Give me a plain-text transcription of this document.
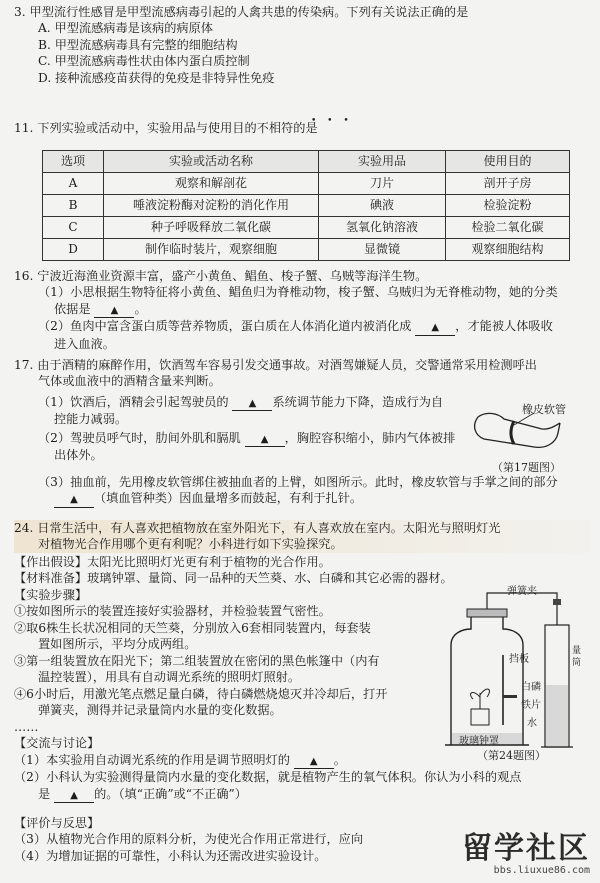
3. 甲型流行性感冒是甲型流感病毒引起的人禽共患的传染病。下列有关说法正确的是
A. 甲型流感病毒是该病的病原体
B. 甲型流感病毒具有完整的细胞结构
C. 甲型流感病毒性状由体内蛋白质控制
D. 接种流感疫苗获得的免疫是非特异性免疫
• • •
11. 下列实验或活动中，实验用品与使用目的不相符的是
选项	实验或活动名称	实验用品	使用目的
A	观察和解剖花	刀片	剖开子房
B	唾液淀粉酶对淀粉的消化作用	碘液	检验淀粉
C	种子呼吸释放二氧化碳	氢氧化钠溶液	检验二氧化碳
D	制作临时装片，观察细胞	显微镜	观察细胞结构
16. 宁波近海渔业资源丰富，盛产小黄鱼、鲳鱼、梭子蟹、乌贼等海洋生物。
（1）小思根据生物特征将小黄鱼、鲳鱼归为脊椎动物，梭子蟹、乌贼归为无脊椎动物，她的分类
依据是 ▲ 。
（2）鱼肉中富含蛋白质等营养物质，蛋白质在人体消化道内被消化成 ▲ ，才能被人体吸收
进入血液。
17. 由于酒精的麻醉作用，饮酒驾车容易引发交通事故。对酒驾嫌疑人员，交警通常采用检测呼出
气体或血液中的酒精含量来判断。
（1）饮酒后，酒精会引起驾驶员的 ▲ 系统调节能力下降，造成行为自
控能力减弱。
（2）驾驶员呼气时，肋间外肌和膈肌 ▲ ，胸腔容积缩小，肺内气体被排
出体外。
（3）抽血前，先用橡皮软管绑住被抽血者的上臂，如图所示。此时，橡皮软管与手掌之间的部分
▲ （填血管种类）因血量增多而鼓起，有利于扎针。
橡皮软管
（第17题图）
24. 日常生活中，有人喜欢把植物放在室外阳光下，有人喜欢放在室内。太阳光与照明灯光
对植物光合作用哪个更有利呢？小科进行如下实验探究。
【作出假设】太阳光比照明灯光更有利于植物的光合作用。
【材料准备】玻璃钟罩、量筒、同一品种的天竺葵、水、白磷和其它必需的器材。
【实验步骤】
①按如图所示的装置连接好实验器材，并检验装置气密性。
②取6株生长状况相同的天竺葵，分别放入6套相同装置内，每套装
置如图所示，平均分成两组。
③第一组装置放在阳光下；第二组装置放在密闭的黑色帐篷中（内有
温控装置），用具有自动调光系统的照明灯照射。
④6小时后，用激光笔点燃足量白磷，待白磷燃烧熄灭并冷却后，打开
弹簧夹，测得并记录量筒内水量的变化数据。
……
【交流与讨论】
（1）本实验用自动调光系统的作用是调节照明灯的 ▲ 。
（2）小科认为实验测得量筒内水量的变化数据，就是植物产生的氧气体积。你认为小科的观点
是 ▲ 的。（填“正确”或“不正确”）
【评价与反思】
（3）从植物光合作用的原料分析，为使光合作用正常进行，应向
（4）为增加证据的可靠性，小科认为还需改进实验设计。
弹簧夹
挡板
白磷
铁片
水
量筒
玻璃钟罩
（第24题图）
留学社区
bbs.liuxue86.com
